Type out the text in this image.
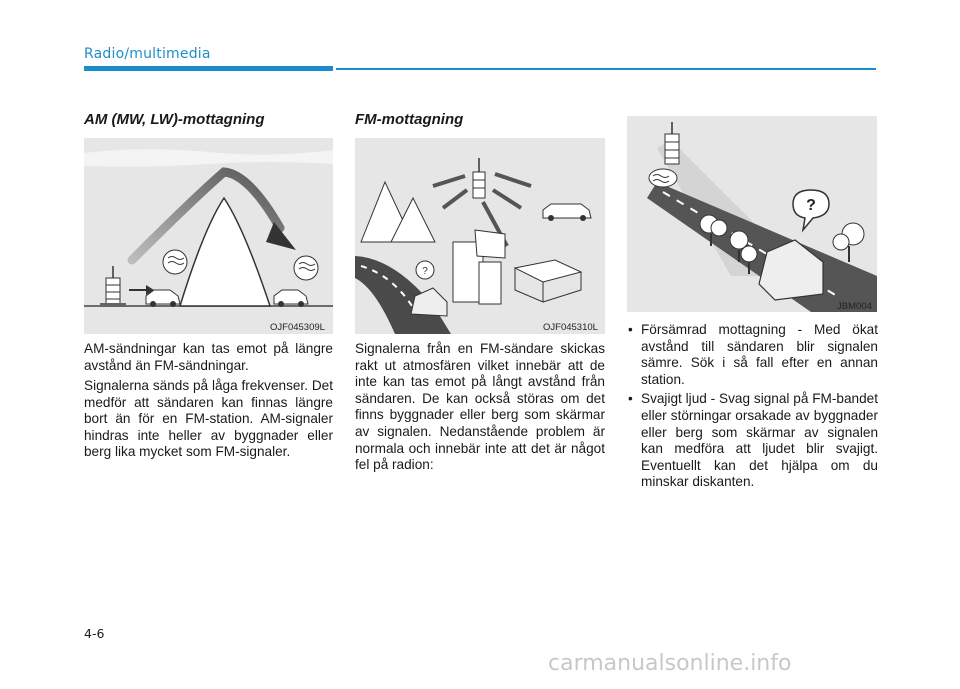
Radio/multimedia
AM (MW, LW)-mottagning
OJF045309L

AM-sändningar kan tas emot på längre avstånd än FM-sändningar.

Signalerna sänds på låga frekvenser. Det medför att sändaren kan finnas längre bort än för en FM-station. AM-signaler hindras inte heller av byggnader eller berg lika mycket som FM-signaler.

FM-mottagning
?
OJF045310L

Signalerna från en FM-sändare skickas rakt ut atmosfären vilket innebär att de inte kan tas emot på långt avstånd från sändaren. De kan också störas om det finns byggnader eller berg som skärmar av signalen. Nedanstående problem är normala och innebär inte att det är något fel på radion:

?
JBM004
• Försämrad mottagning - Med ökat avstånd till sändaren blir signalen sämre. Sök i så fall efter en annan station.
• Svajigt ljud - Svag signal på FM-bandet eller störningar orsakade av byggnader eller berg som skärmar av signalen kan medföra att ljudet blir svajigt. Eventuellt kan det hjälpa om du minskar diskanten.
4-6
carmanualsonline.info
